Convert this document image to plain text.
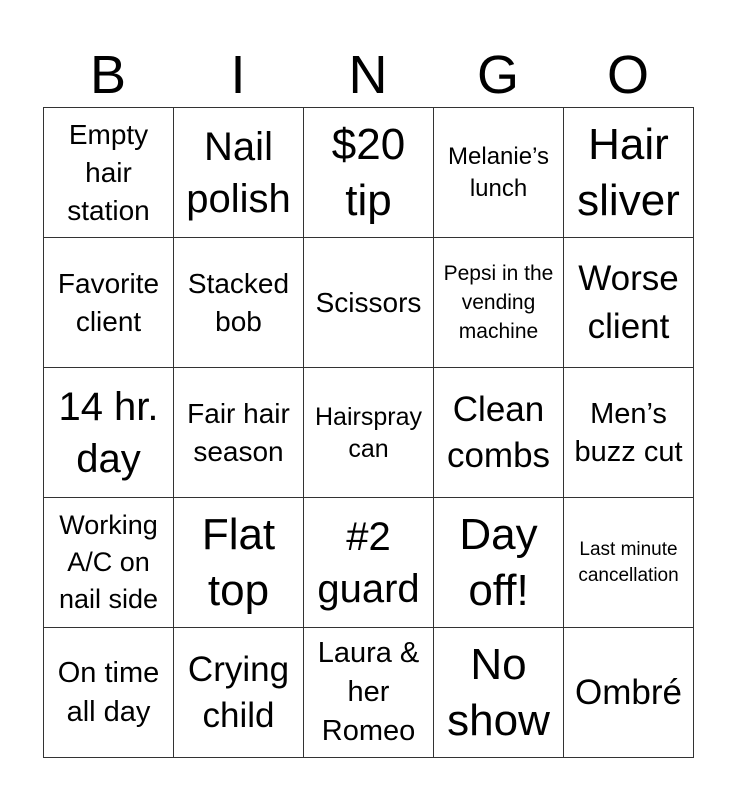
B	I	N	G	O
Empty hair station	Nail polish	$20 tip	Melanie’s lunch	Hair sliver
Favorite client	Stacked bob	Scissors	Pepsi in the vending machine	Worse client
14 hr. day	Fair hair season	Hairspray can	Clean combs	Men’s buzz cut
Working A/C on nail side	Flat top	#2 guard	Day off!	Last minute cancellation
On time all day	Crying child	Laura & her Romeo	No show	Ombré
